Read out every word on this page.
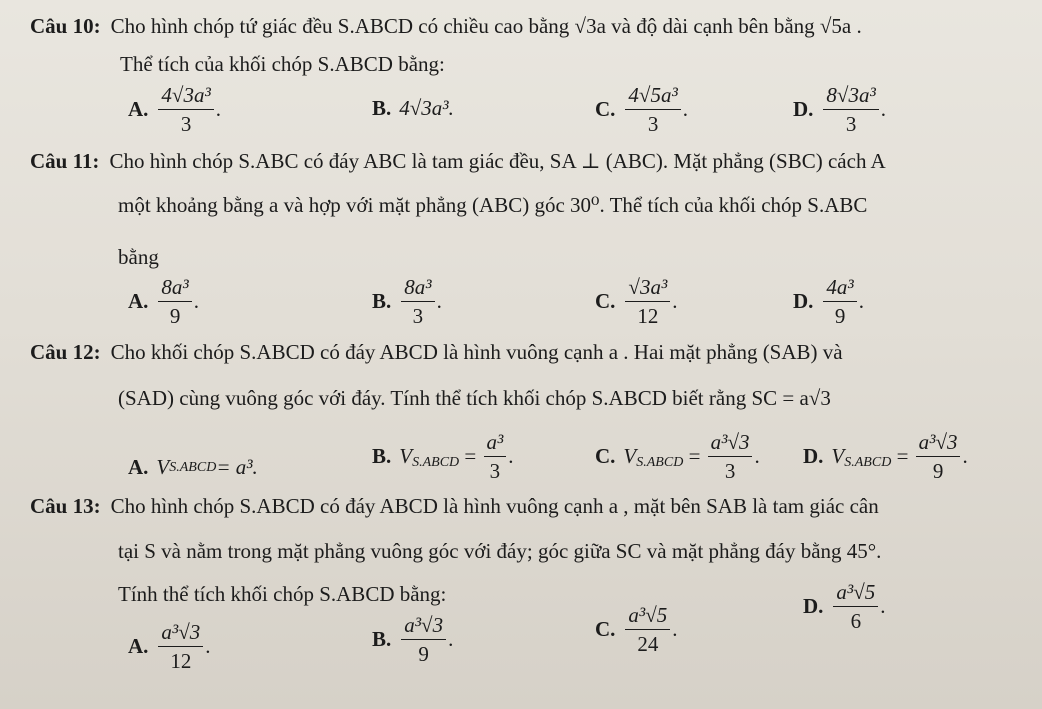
Câu 10: Cho hình chóp tứ giác đều S.ABCD có chiều cao bằng √3a và độ dài cạnh bên bằng √5a .
Thể tích của khối chóp S.ABCD bằng:
A. $\frac{\text{4√3a³}}{3}$ .	B. 4√3a³.	C. $\frac{\text{4√5a³}}{3}$ .	D. $\frac{\text{8√3a³}}{3}$ .
Câu 11: Cho hình chóp S.ABC có đáy ABC là tam giác đều, SA ⊥ (ABC). Mặt phẳng (SBC) cách A
một khoảng bằng a và hợp với mặt phẳng (ABC) góc 30⁰. Thể tích của khối chóp S.ABC
bằng
A. $\frac{\text{8a³}}{9}$ .	B. $\frac{\text{8a³}}{3}$ .	C. $\frac{\text{√3a³}}{12}$ .	D. $\frac{\text{4a³}}{9}$ .
Câu 12: Cho khối chóp S.ABCD có đáy ABCD là hình vuông cạnh a . Hai mặt phẳng (SAB) và
(SAD) cùng vuông góc với đáy. Tính thể tích khối chóp S.ABCD biết rằng SC = a√3
A. V S.ABCD = a³.	B. $V_{S.ABCD} = \frac{\text{a³}}{3}$ .	C. $V_{S.ABCD} = \frac{\text{a³√3}}{3}$ . D. $V_{S.ABCD} = \frac{\text{a³√3}}{9}$ .
Câu 13: Cho hình chóp S.ABCD có đáy ABCD là hình vuông cạnh a , mặt bên SAB là tam giác cân
tại S và nằm trong mặt phẳng vuông góc với đáy; góc giữa SC và mặt phẳng đáy bằng 45°.
Tính thể tích khối chóp S.ABCD bằng:
A. $\frac{\text{a³√3}}{12}$ .	B. $\frac{\text{a³√3}}{9}$ .	C. $\frac{\text{a³√5}}{24}$ .
D. $\frac{\text{a³√5}}{6}$ .
